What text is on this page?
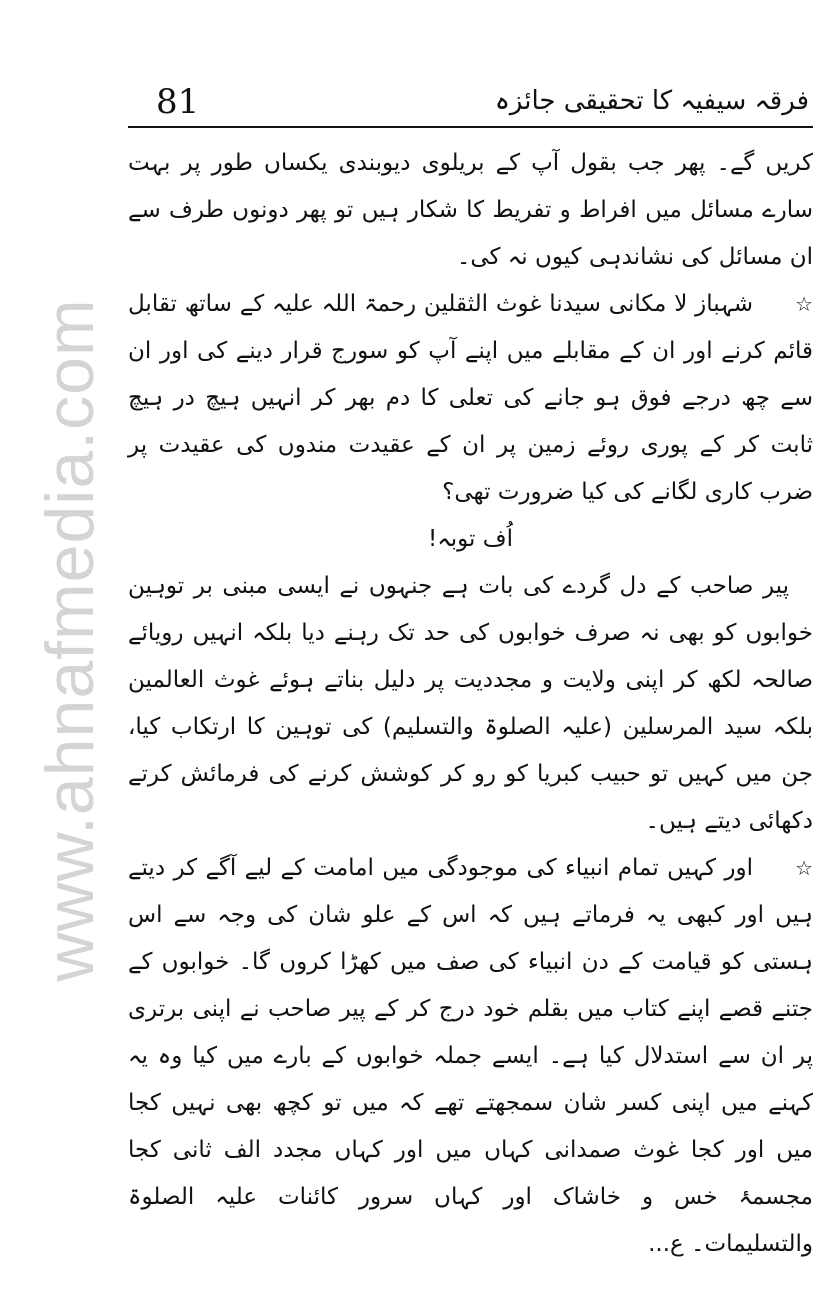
www.ahnafmedia.com
81	فرقہ سیفیہ کا تحقیقی جائزہ

کریں گے۔ پھر جب بقول آپ کے بریلوی دیوبندی یکساں طور پر بہت سارے مسائل میں افراط و تفریط کا شکار ہیں تو پھر دونوں طرف سے ان مسائل کی نشاندہی کیوں نہ کی۔

☆شہباز لا مکانی سیدنا غوث الثقلین رحمۃ اللہ علیہ کے ساتھ تقابل قائم کرنے اور ان کے مقابلے میں اپنے آپ کو سورج قرار دینے کی اور ان سے چھ درجے فوق ہو جانے کی تعلی کا دم بھر کر انہیں ہیچ در ہیچ ثابت کر کے پوری روئے زمین پر ان کے عقیدت مندوں کی عقیدت پر ضرب کاری لگانے کی کیا ضرورت تھی؟

اُف توبہ!

پیر صاحب کے دل گردے کی بات ہے جنہوں نے ایسی مبنی بر توہین خوابوں کو بھی نہ صرف خوابوں کی حد تک رہنے دیا بلکہ انہیں رویائے صالحہ لکھ کر اپنی ولایت و مجددیت پر دلیل بناتے ہوئے غوث العالمین بلکہ سید المرسلین (علیہ الصلوۃ والتسلیم) کی توہین کا ارتکاب کیا، جن میں کہیں تو حبیب کبریا کو رو کر کوشش کرنے کی فرمائش کرتے دکھائی دیتے ہیں۔

☆اور کہیں تمام انبیاء کی موجودگی میں امامت کے لیے آگے کر دیتے ہیں اور کبھی یہ فرماتے ہیں کہ اس کے علو شان کی وجہ سے اس ہستی کو قیامت کے دن انبیاء کی صف میں کھڑا کروں گا۔ خوابوں کے جتنے قصے اپنے کتاب میں بقلم خود درج کر کے پیر صاحب نے اپنی برتری پر ان سے استدلال کیا ہے۔ ایسے جملہ خوابوں کے بارے میں کیا وہ یہ کہنے میں اپنی کسر شان سمجھتے تھے کہ میں تو کچھ بھی نہیں کجا میں اور کجا غوث صمدانی کہاں میں اور کہاں مجدد الف ثانی کجا مجسمۂ خس و خاشاک اور کہاں سرور کائنات علیہ الصلوۃ والتسلیمات۔ ع...
